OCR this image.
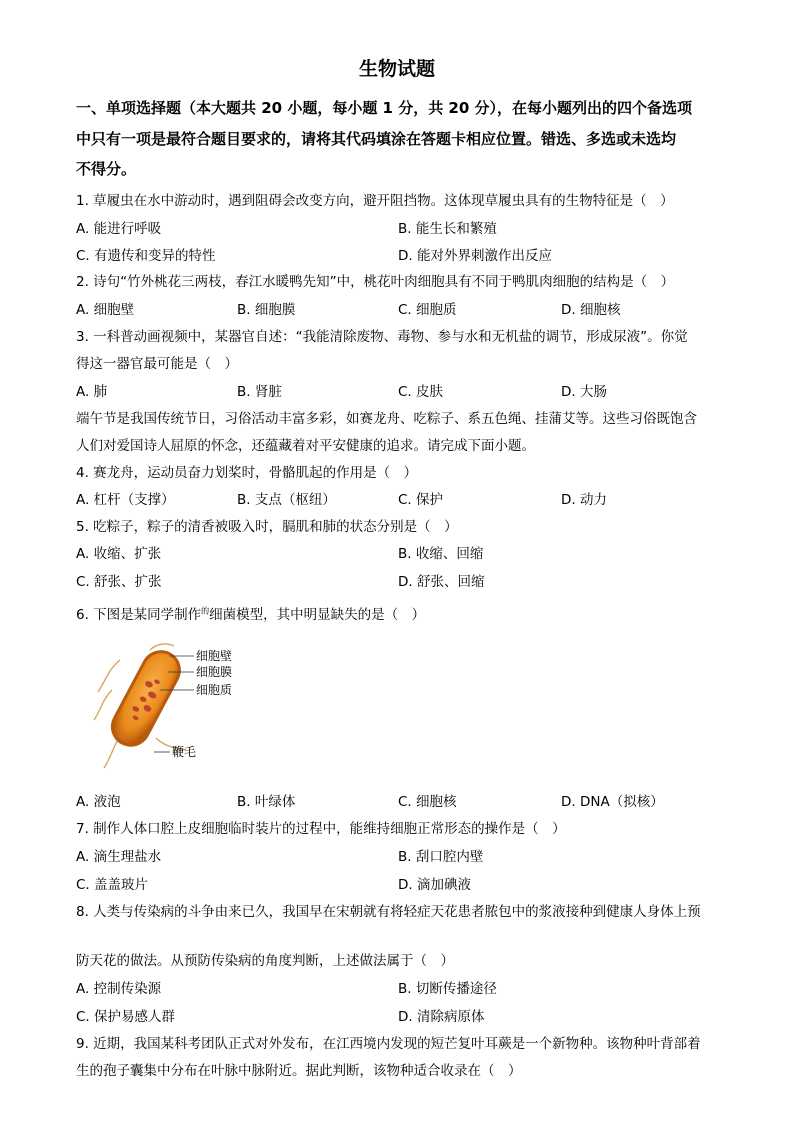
生物试题
一、单项选择题（本大题共 20 小题，每小题 1 分，共 20 分），在每小题列出的四个备选项
中只有一项是最符合题目要求的，请将其代码填涂在答题卡相应位置。错选、多选或未选均
不得分。
1. 草履虫在水中游动时，遇到阻碍会改变方向，避开阻挡物。这体现草履虫具有的生物特征是（　）
A. 能进行呼吸	B. 能生长和繁殖
C. 有遗传和变异的特性	D. 能对外界刺激作出反应
2. 诗句“竹外桃花三两枝，春江水暖鸭先知”中，桃花叶肉细胞具有不同于鸭肌肉细胞的结构是（　）
A. 细胞壁	B. 细胞膜	C. 细胞质	D. 细胞核
3. 一科普动画视频中，某器官自述：“我能清除废物、毒物、参与水和无机盐的调节，形成尿液”。你觉
得这一器官最可能是（　）
A. 肺	B. 肾脏	C. 皮肤	D. 大肠
端午节是我国传统节日，习俗活动丰富多彩，如赛龙舟、吃粽子、系五色绳、挂蒲艾等。这些习俗既饱含
人们对爱国诗人屈原的怀念，还蕴藏着对平安健康的追求。请完成下面小题。
4. 赛龙舟，运动员奋力划桨时，骨骼肌起的作用是（　）
A. 杠杆（支撑）	B. 支点（枢纽）	C. 保护	D. 动力
5. 吃粽子，粽子的清香被吸入时，膈肌和肺的状态分别是（　）
A. 收缩、扩张	B. 收缩、回缩
C. 舒张、扩张	D. 舒张、回缩
6. 下图是某同学制作$^的$细菌模型，其中明显缺失的是（　）
细胞壁
细胞膜
细胞质
鞭毛
A. 液泡	B. 叶绿体	C. 细胞核	D. DNA（拟核）
7. 制作人体口腔上皮细胞临时装片的过程中，能维持细胞正常形态的操作是（　）
A. 滴生理盐水	B. 刮口腔内壁
C. 盖盖玻片	D. 滴加碘液
8. 人类与传染病的斗争由来已久，我国早在宋朝就有将轻症天花患者脓包中的浆液接种到健康人身体上预
防天花的做法。从预防传染病的角度判断，上述做法属于（　）
A. 控制传染源	B. 切断传播途径
C. 保护易感人群	D. 清除病原体
9. 近期，我国某科考团队正式对外发布，在江西境内发现的短芒复叶耳蕨是一个新物种。该物种叶背部着
生的孢子囊集中分布在叶脉中脉附近。据此判断，该物种适合收录在（　）
